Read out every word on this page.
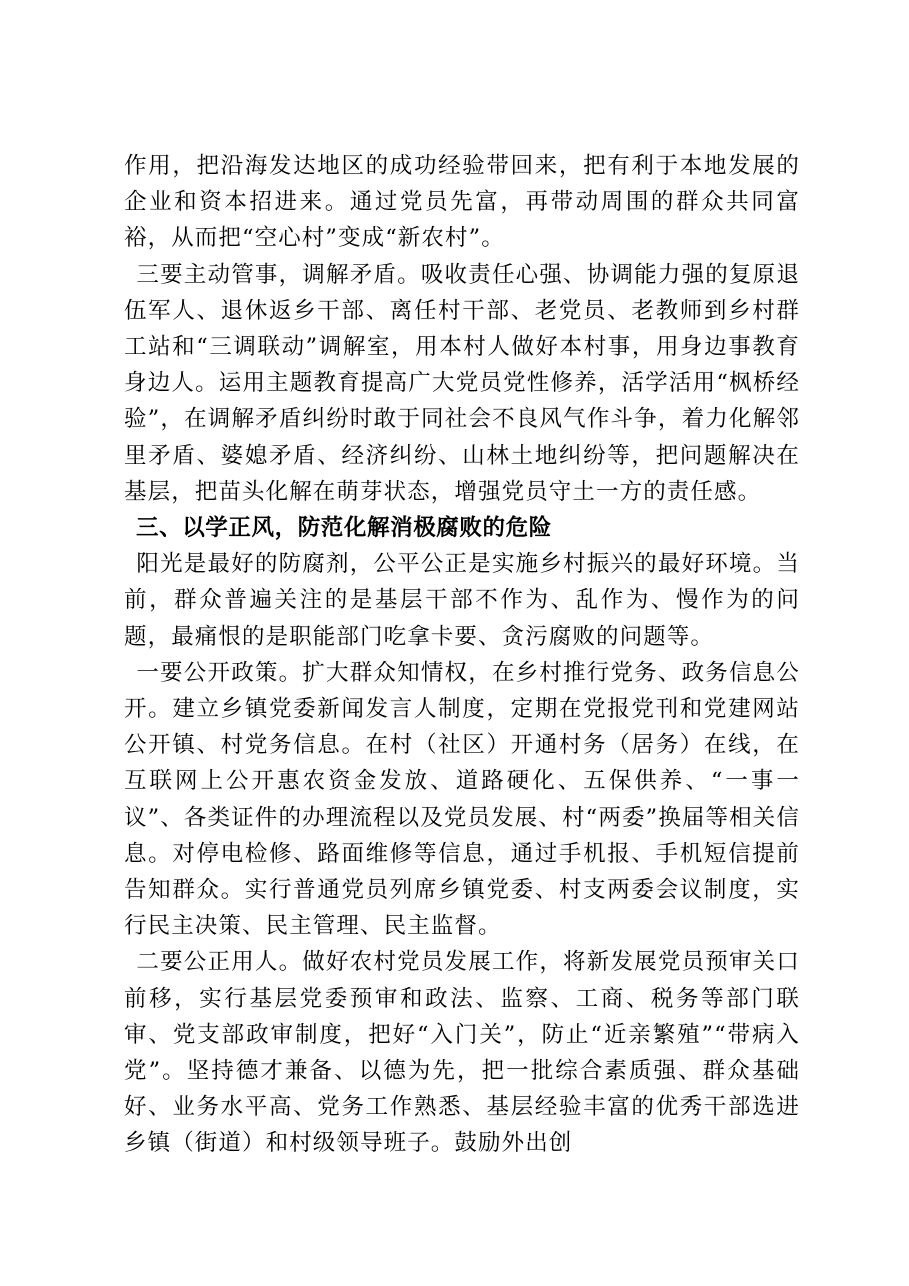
作用，把沿海发达地区的成功经验带回来，把有利于本地发展的企业和资本招进来。通过党员先富，再带动周围的群众共同富裕，从而把“空心村”变成“新农村”。

三要主动管事，调解矛盾。吸收责任心强、协调能力强的复原退伍军人、退休返乡干部、离任村干部、老党员、老教师到乡村群工站和“三调联动”调解室，用本村人做好本村事，用身边事教育身边人。运用主题教育提高广大党员党性修养，活学活用“枫桥经验”，在调解矛盾纠纷时敢于同社会不良风气作斗争，着力化解邻里矛盾、婆媳矛盾、经济纠纷、山林土地纠纷等，把问题解决在基层，把苗头化解在萌芽状态，增强党员守土一方的责任感。

三、以学正风，防范化解消极腐败的危险

阳光是最好的防腐剂，公平公正是实施乡村振兴的最好环境。当前，群众普遍关注的是基层干部不作为、乱作为、慢作为的问题，最痛恨的是职能部门吃拿卡要、贪污腐败的问题等。

一要公开政策。扩大群众知情权，在乡村推行党务、政务信息公开。建立乡镇党委新闻发言人制度，定期在党报党刊和党建网站公开镇、村党务信息。在村（社区）开通村务（居务）在线，在互联网上公开惠农资金发放、道路硬化、五保供养、“一事一议”、各类证件的办理流程以及党员发展、村“两委”换届等相关信息。对停电检修、路面维修等信息，通过手机报、手机短信提前告知群众。实行普通党员列席乡镇党委、村支两委会议制度，实行民主决策、民主管理、民主监督。

二要公正用人。做好农村党员发展工作，将新发展党员预审关口前移，实行基层党委预审和政法、监察、工商、税务等部门联审、党支部政审制度，把好“入门关”，防止“近亲繁殖”“带病入党”。坚持德才兼备、以德为先，把一批综合素质强、群众基础好、业务水平高、党务工作熟悉、基层经验丰富的优秀干部选进乡镇（街道）和村级领导班子。鼓励外出创
